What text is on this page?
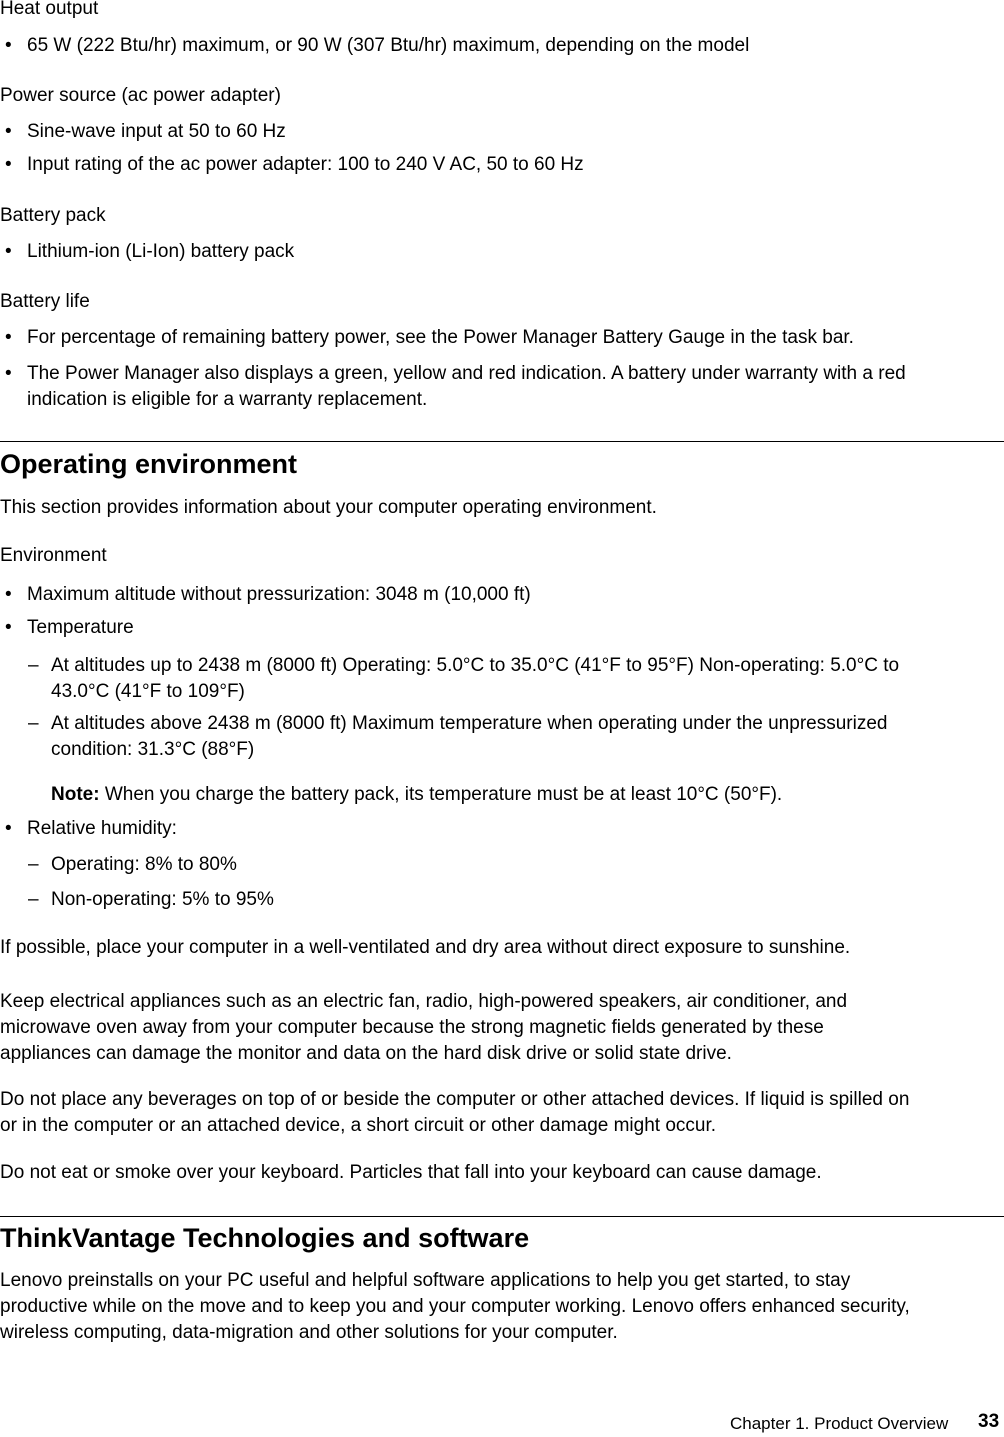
Heat output
• 65 W (222 Btu/hr) maximum, or 90 W (307 Btu/hr) maximum, depending on the model
Power source (ac power adapter)
• Sine-wave input at 50 to 60 Hz
• Input rating of the ac power adapter: 100 to 240 V AC, 50 to 60 Hz
Battery pack
• Lithium-ion (Li-Ion) battery pack
Battery life
• For percentage of remaining battery power, see the Power Manager Battery Gauge in the task bar.
• The Power Manager also displays a green, yellow and red indication. A battery under warranty with a red
indication is eligible for a warranty replacement.
Operating environment
This section provides information about your computer operating environment.
Environment
• Maximum altitude without pressurization: 3048 m (10,000 ft)
• Temperature
– At altitudes up to 2438 m (8000 ft) Operating: 5.0°C to 35.0°C (41°F to 95°F) Non-operating: 5.0°C to
43.0°C (41°F to 109°F)
– At altitudes above 2438 m (8000 ft) Maximum temperature when operating under the unpressurized
condition: 31.3°C (88°F)
Note: When you charge the battery pack, its temperature must be at least 10°C (50°F).
• Relative humidity:
– Operating: 8% to 80%
– Non-operating: 5% to 95%
If possible, place your computer in a well-ventilated and dry area without direct exposure to sunshine.
Keep electrical appliances such as an electric fan, radio, high-powered speakers, air conditioner, and
microwave oven away from your computer because the strong magnetic fields generated by these
appliances can damage the monitor and data on the hard disk drive or solid state drive.
Do not place any beverages on top of or beside the computer or other attached devices. If liquid is spilled on
or in the computer or an attached device, a short circuit or other damage might occur.
Do not eat or smoke over your keyboard. Particles that fall into your keyboard can cause damage.
ThinkVantage Technologies and software
Lenovo preinstalls on your PC useful and helpful software applications to help you get started, to stay
productive while on the move and to keep you and your computer working. Lenovo offers enhanced security,
wireless computing, data-migration and other solutions for your computer.
Chapter 1. Product Overview 33
